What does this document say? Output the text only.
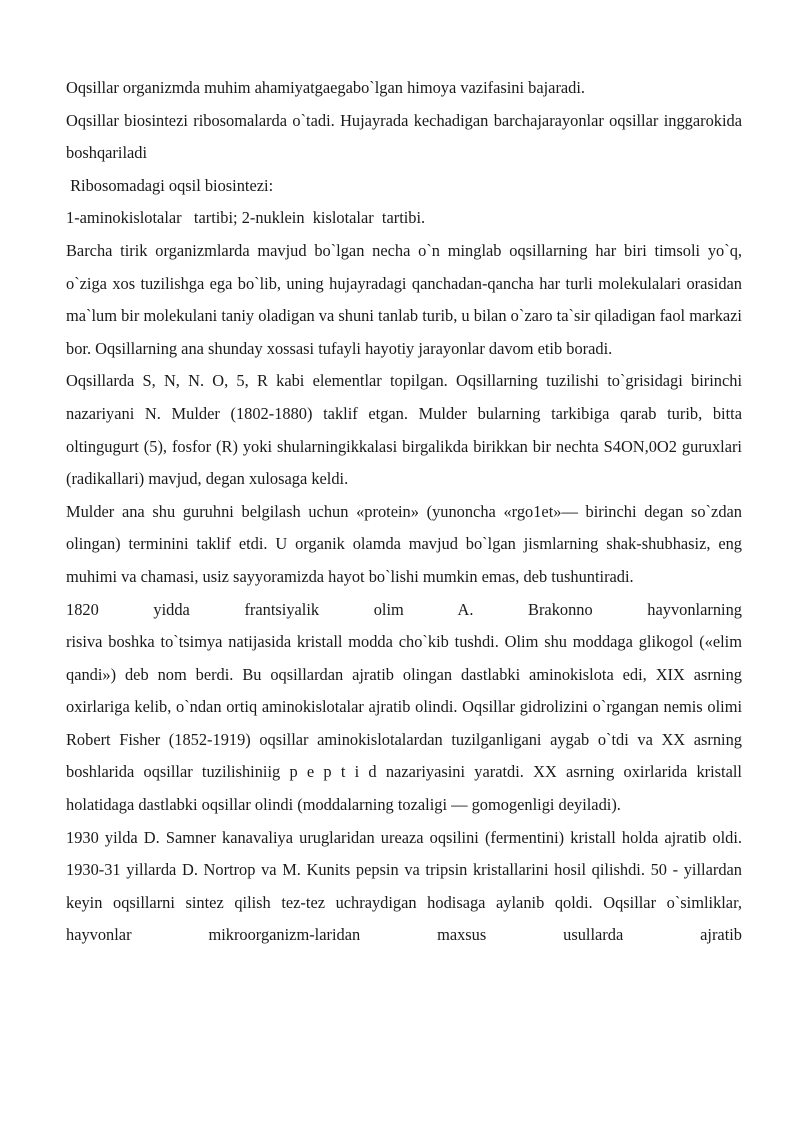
Oqsillar organizmda muhim ahamiyatgaegabo`lgan himoya vazifasini bajaradi.

Oqsillar biosintezi ribosomalarda o`tadi. Hujayrada kechadigan barchajarayonlar oqsillar inggarokida boshqariladi

Ribosomadagi oqsil biosintezi:

1-aminokislotalar   tartibi; 2-nuklein  kislotalar  tartibi.

Barcha tirik organizmlarda mavjud bo`lgan necha o`n minglab oqsillarning har biri timsoli yo`q, o`ziga xos tuzilishga ega bo`lib, uning hujayradagi qanchadan-qancha har turli molekulalari orasidan ma`lum bir molekulani taniy oladigan va shuni tanlab turib, u bilan o`zaro ta`sir qiladigan faol markazi bor. Oqsillarning ana shunday xossasi tufayli hayotiy jarayonlar davom etib boradi.

Oqsillarda S, N, N. O, 5, R kabi elementlar topilgan. Oqsillarning tuzilishi to`grisidagi birinchi nazariyani N. Mulder (1802-1880) taklif etgan. Mulder bularning tarkibiga qarab turib, bitta oltingugurt (5), fosfor (R) yoki shularningikkalasi birgalikda birikkan bir nechta S4ON,0O2 guruxlari (radikallari) mavjud, degan xulosaga keldi.

Mulder ana shu guruhni belgilash uchun «protein» (yunoncha «rgo1et»— birinchi degan so`zdan olingan) terminini taklif etdi. U organik olamda mavjud bo`lgan jismlarning shak-shubhasiz, eng muhimi va chamasi, usiz sayyoramizda hayot bo`lishi mumkin emas, deb tushuntiradi.

1820 yidda frantsiyalik olim A. Brakonno hayvonlarning

risiva boshka to`tsimya natijasida kristall modda cho`kib tushdi. Olim shu moddaga glikogol («elim qandi») deb nom berdi. Bu oqsillardan ajratib olingan dastlabki aminokislota edi, XIX asrning oxirlariga kelib, o`ndan ortiq aminokislotalar ajratib olindi. Oqsillar gidrolizini o`rgangan nemis olimi Robert Fisher (1852-1919) oqsillar aminokislotalardan tuzilganligani aygab o`tdi va XX asrning boshlarida oqsillar tuzilishiniig p e p t i d nazariyasini yaratdi. XX asrning oxirlarida kristall holatidaga dastlabki oqsillar olindi (moddalarning tozaligi — gomogenligi deyiladi).

1930 yilda D. Samner kanavaliya uruglaridan ureaza oqsilini (fermentini) kristall holda ajratib oldi. 1930-31 yillarda D. Nortrop va M. Kunits pepsin va tripsin kristallarini hosil qilishdi. 50 - yillardan keyin oqsillarni sintez qilish tez-tez uchraydigan hodisaga aylanib qoldi. Oqsillar o`simliklar, hayvonlar mikroorganizm-laridan maxsus usullarda ajratib
